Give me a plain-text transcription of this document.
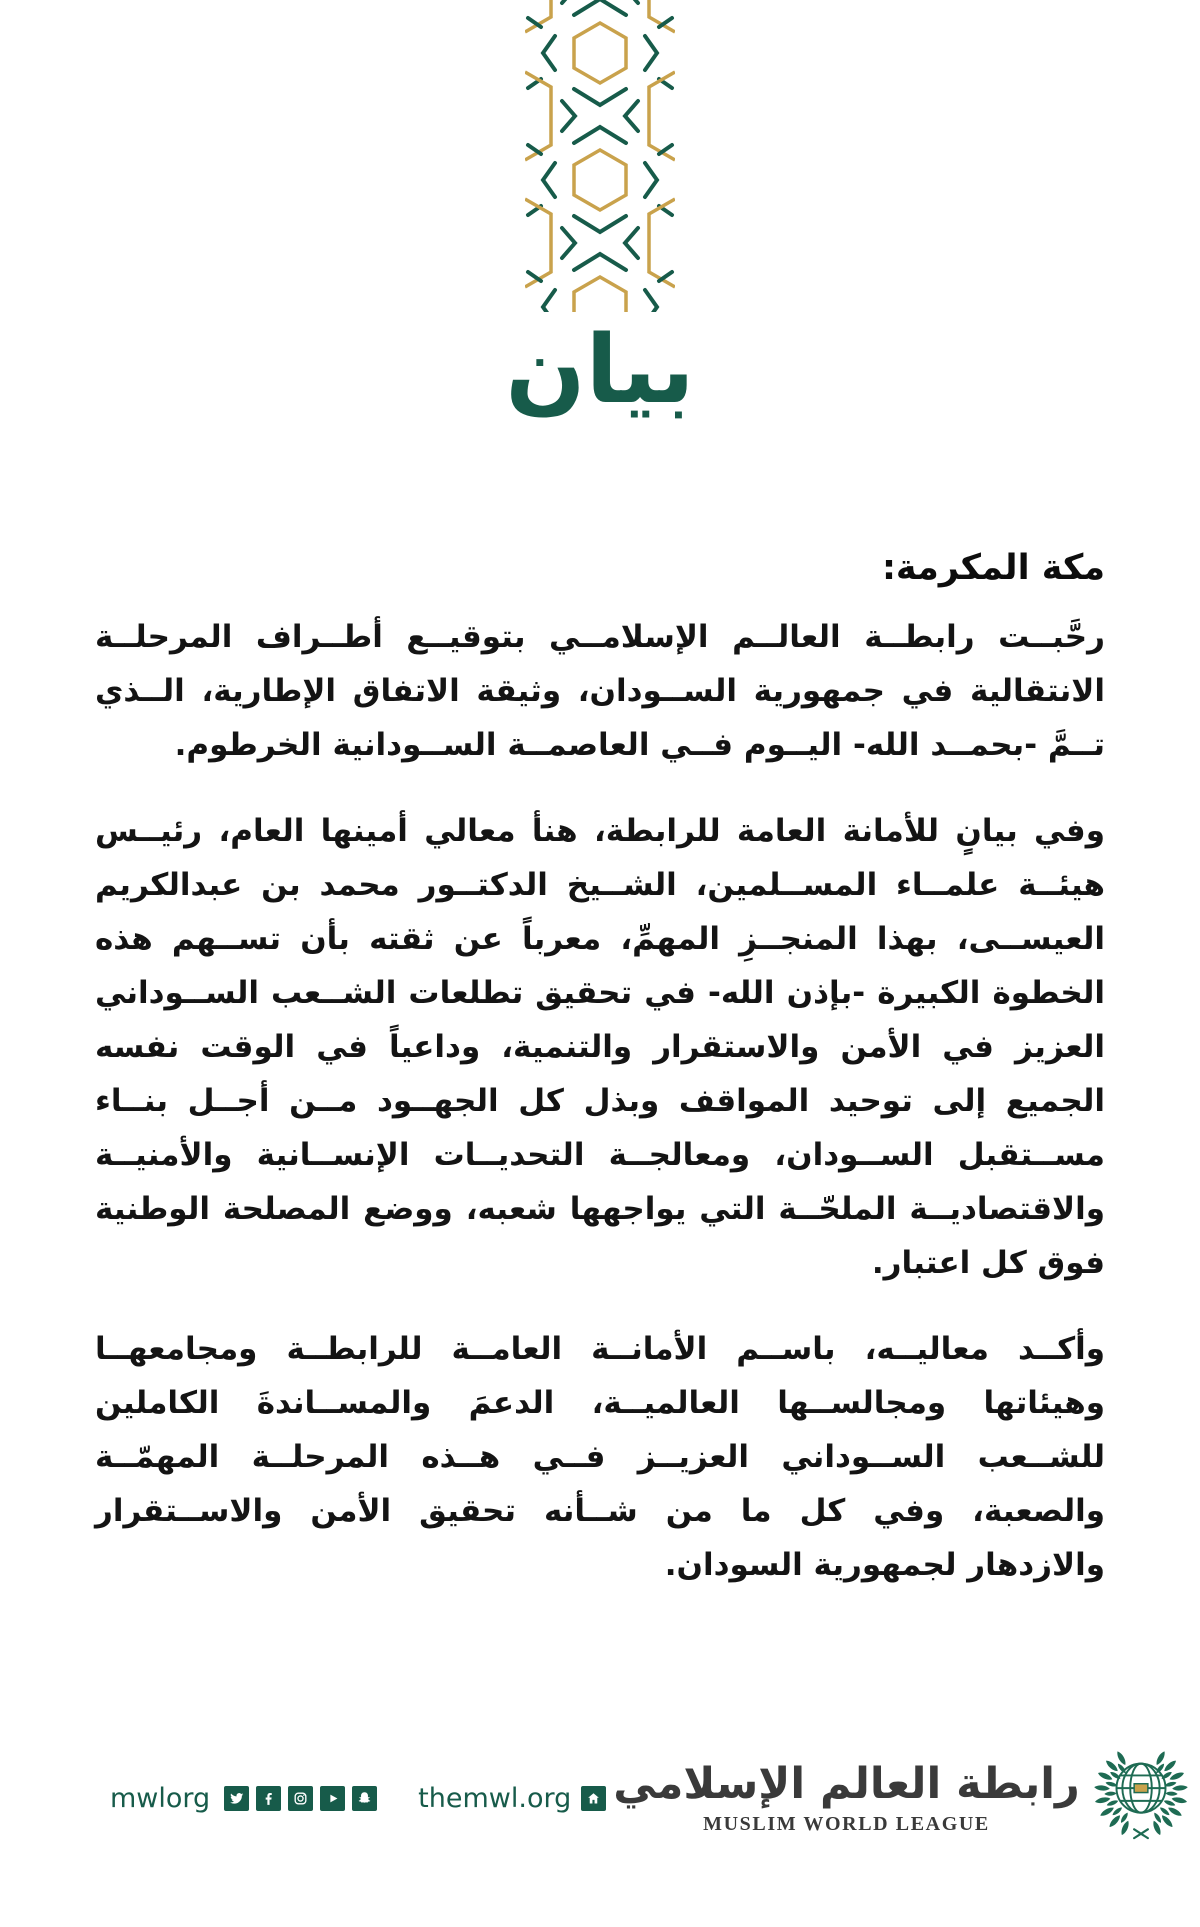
بيان
مكة المكرمة:

رحَّبــت رابطــة العالــم الإسلامــي بتوقيــع أطــراف المرحلــة الانتقالية في جمهورية الســودان، وثيقة الاتفاق الإطارية، الــذي تــمَّ -بحمــد الله- اليــوم فــي العاصمــة الســودانية الخرطوم.

وفي بيانٍ للأمانة العامة للرابطة، هنأ معالي أمينها العام، رئيــس هيئــة علمــاء المســلمين، الشــيخ الدكتــور محمد بن عبدالكريم العيســى، بهذا المنجــزِ المهمِّ، معرباً عن ثقته بأن تســهم هذه الخطوة الكبيرة -بإذن الله- في تحقيق تطلعات الشــعب الســوداني العزيز في الأمن والاستقرار والتنمية، وداعياً في الوقت نفسه الجميع إلى توحيد المواقف وبذل كل الجهــود مــن أجــل بنــاء مســتقبل الســودان، ومعالجــة التحديــات الإنســانية والأمنيــة والاقتصاديــة الملحّــة التي يواجهها شعبه، ووضع المصلحة الوطنية فوق كل اعتبار.

وأكــد معاليــه، باســم الأمانــة العامــة للرابطــة ومجامعهــا وهيئاتها ومجالســها العالميــة، الدعمَ والمســاندةَ الكاملين للشــعب الســوداني العزيــز فــي هــذه المرحلــة المهمّــة والصعبة، وفي كل ما من شــأنه تحقيق الأمن والاســتقرار والازدهار لجمهورية السودان.

mwlorg	themwl.org رابطة العالم الإسلامي
MUSLIM WORLD LEAGUE
